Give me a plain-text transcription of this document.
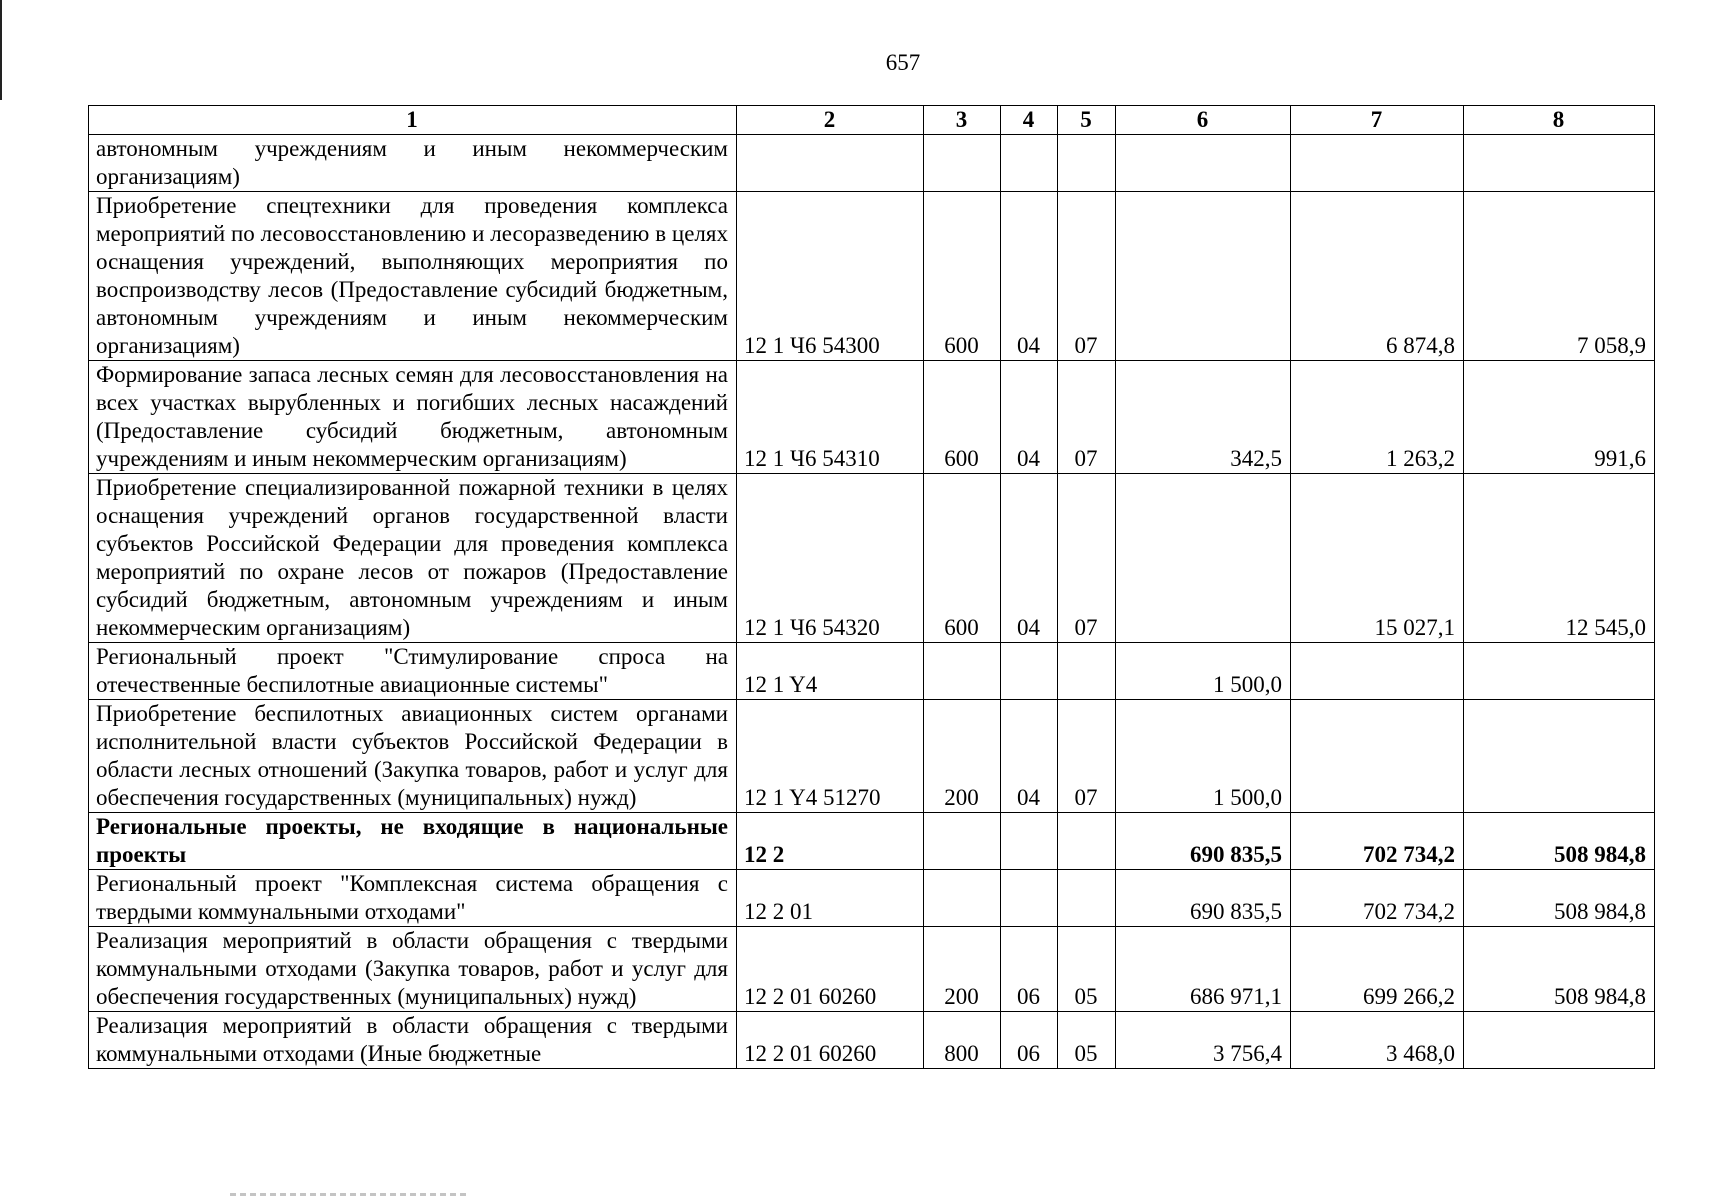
657
1	2	3	4	5	6	7	8
автономным учреждениям и иным некоммерческим организациям)							
Приобретение спецтехники для проведения комплекса мероприятий по лесовосстановлению и лесоразведению в целях оснащения учреждений, выполняющих мероприятия по воспроизводству лесов (Предоставление субсидий бюджетным, автономным учреждениям и иным некоммерческим организациям)	12 1 Ч6 54300	600	04	07		6 874,8	7 058,9
Формирование запаса лесных семян для лесовосстановления на всех участках вырубленных и погибших лесных насаждений (Предоставление субсидий бюджетным, автономным учреждениям и иным некоммерческим организациям)	12 1 Ч6 54310	600	04	07	342,5	1 263,2	991,6
Приобретение специализированной пожарной техники в целях оснащения учреждений органов государственной власти субъектов Российской Федерации для проведения комплекса мероприятий по охране лесов от пожаров (Предоставление субсидий бюджетным, автономным учреждениям и иным некоммерческим организациям)	12 1 Ч6 54320	600	04	07		15 027,1	12 545,0
Региональный проект "Стимулирование спроса на отечественные беспилотные авиационные системы"	12 1 Y4				1 500,0		
Приобретение беспилотных авиационных систем органами исполнительной власти субъектов Российской Федерации в области лесных отношений (Закупка товаров, работ и услуг для обеспечения государственных (муниципальных) нужд)	12 1 Y4 51270	200	04	07	1 500,0		
Региональные проекты, не входящие в национальные проекты	12 2				690 835,5	702 734,2	508 984,8
Региональный проект "Комплексная система обращения с твердыми коммунальными отходами"	12 2 01				690 835,5	702 734,2	508 984,8
Реализация мероприятий в области обращения с твердыми коммунальными отходами (Закупка товаров, работ и услуг для обеспечения государственных (муниципальных) нужд)	12 2 01 60260	200	06	05	686 971,1	699 266,2	508 984,8
Реализация мероприятий в области обращения с твердыми коммунальными отходами (Иные бюджетные	12 2 01 60260	800	06	05	3 756,4	3 468,0	
